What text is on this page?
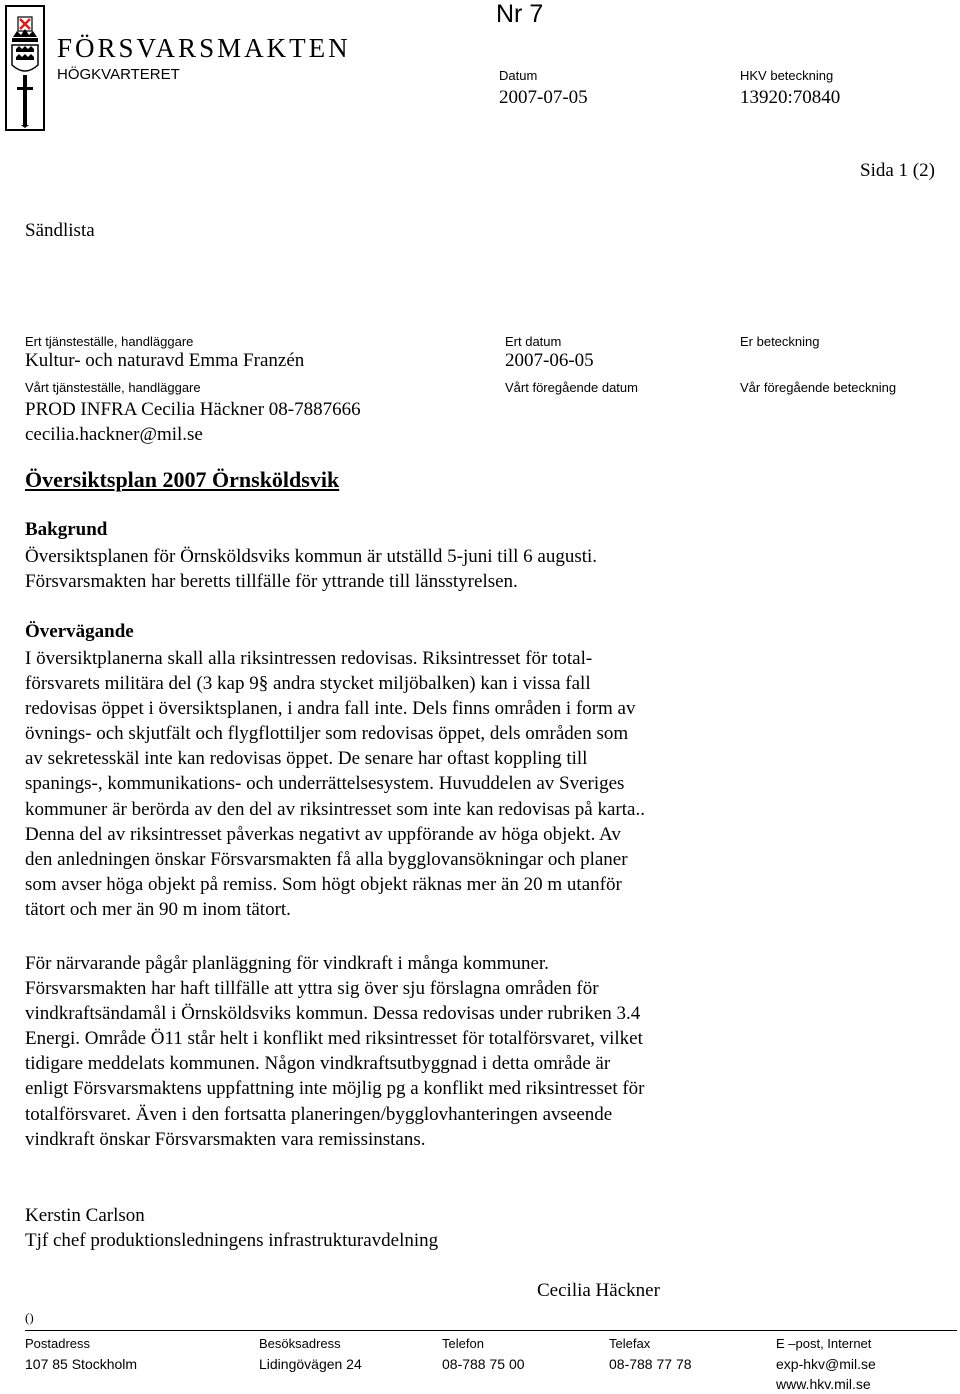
Nr 7
FÖRSVARSMAKTEN
HÖGKVARTERET	Datum
2007-07-05
HKV beteckning
13920:70840
Sida 1 (2)
Sändlista
Ert tjänsteställe, handläggare
Kultur- och naturavd Emma Franzén
Ert datum
2007-06-05
Er beteckning
Vårt tjänsteställe, handläggare
PROD INFRA Cecilia Häckner 08-7887666
cecilia.hackner@mil.se
Vårt föregående datum	Vår föregående beteckning
Översiktsplan 2007 Örnsköldsvik
Bakgrund
Översiktsplanen för Örnsköldsviks kommun är utställd 5-juni till 6 augusti.
Försvarsmakten har beretts tillfälle för yttrande till länsstyrelsen.
Övervägande
I översiktplanerna skall alla riksintressen redovisas. Riksintresset för total-
försvarets militära del (3 kap 9§ andra stycket miljöbalken) kan i vissa fall
redovisas öppet i översiktsplanen, i andra fall inte. Dels finns områden i form av
övnings- och skjutfält och flygflottiljer som redovisas öppet, dels områden som
av sekretesskäl inte kan redovisas öppet. De senare har oftast koppling till
spanings-, kommunikations- och underrättelsesystem. Huvuddelen av Sveriges
kommuner är berörda av den del av riksintresset som inte kan redovisas på karta..
Denna del av riksintresset påverkas negativt av uppförande av höga objekt. Av
den anledningen önskar Försvarsmakten få alla bygglovansökningar och planer
som avser höga objekt på remiss. Som högt objekt räknas mer än 20 m utanför
tätort och mer än 90 m inom tätort.
För närvarande pågår planläggning för vindkraft i många kommuner.
Försvarsmakten har haft tillfälle att yttra sig över sju förslagna områden för
vindkraftsändamål i Örnsköldsviks kommun. Dessa redovisas under rubriken 3.4
Energi. Område Ö11 står helt i konflikt med riksintresset för totalförsvaret, vilket
tidigare meddelats kommunen. Någon vindkraftsutbyggnad i detta område är
enligt Försvarsmaktens uppfattning inte möjlig pg a konflikt med riksintresset för
totalförsvaret. Även i den fortsatta planeringen/bygglovhanteringen avseende
vindkraft önskar Försvarsmakten vara remissinstans.
Kerstin Carlson
Tjf chef produktionsledningens infrastrukturavdelning
Cecilia Häckner
()
Postadress
107 85 Stockholm
Besöksadress
Lidingövägen 24
Telefon
08-788 75 00
Telefax
08-788 77 78
E –post, Internet
exp-hkv@mil.se
www.hkv.mil.se
